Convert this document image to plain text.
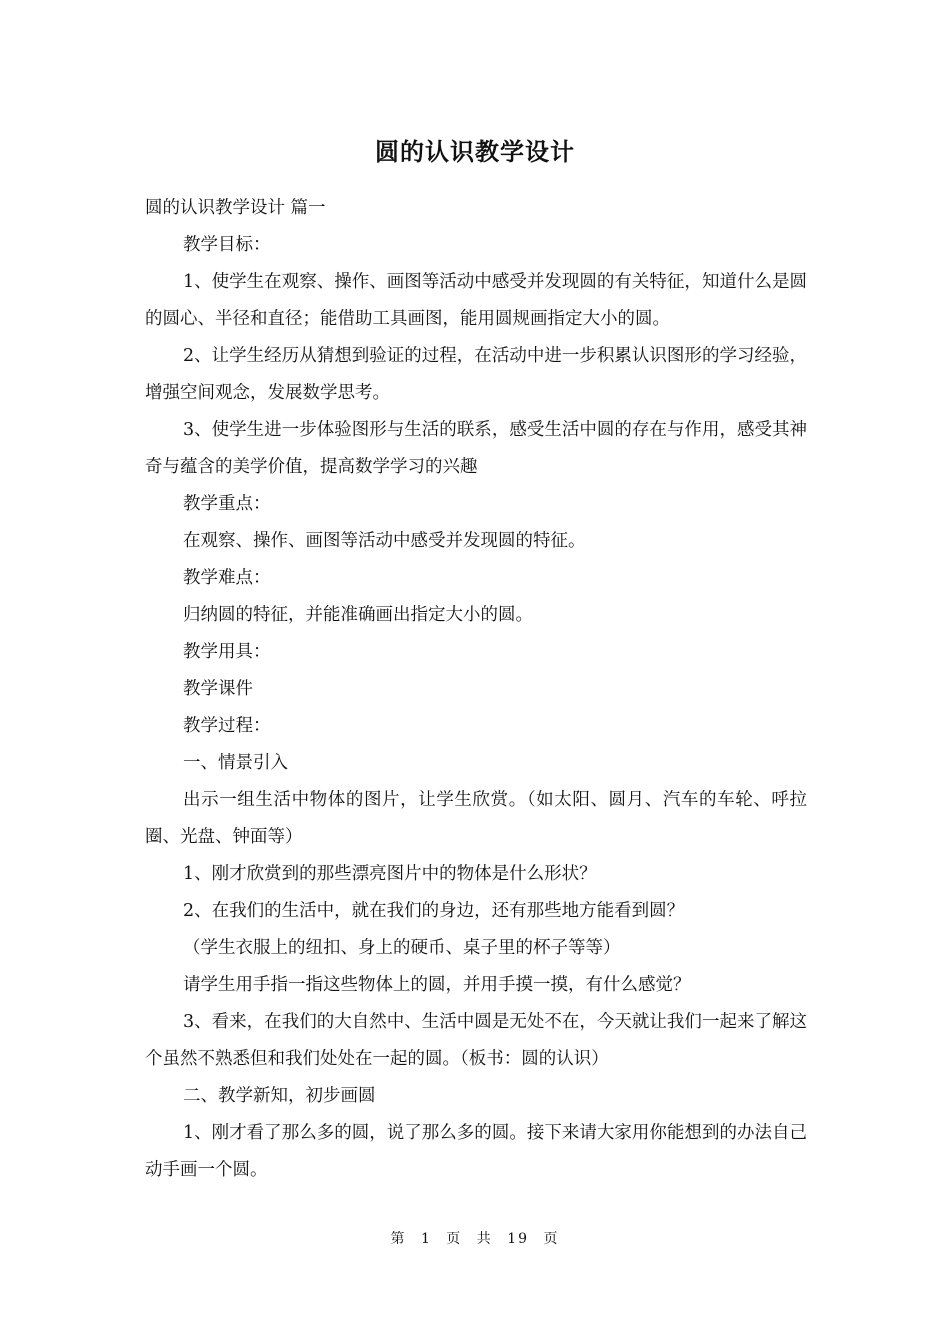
圆的认识教学设计

圆的认识教学设计 篇一

教学目标：

1、使学生在观察、操作、画图等活动中感受并发现圆的有关特征，知道什么是圆的圆心、半径和直径；能借助工具画图，能用圆规画指定大小的圆。

2、让学生经历从猜想到验证的过程，在活动中进一步积累认识图形的学习经验，增强空间观念，发展数学思考。

3、使学生进一步体验图形与生活的联系，感受生活中圆的存在与作用，感受其神奇与蕴含的美学价值，提高数学学习的兴趣

教学重点：

在观察、操作、画图等活动中感受并发现圆的特征。

教学难点：

归纳圆的特征，并能准确画出指定大小的圆。

教学用具：

教学课件

教学过程：

一、情景引入

出示一组生活中物体的图片，让学生欣赏。（如太阳、圆月、汽车的车轮、呼拉圈、光盘、钟面等）

1、刚才欣赏到的那些漂亮图片中的物体是什么形状？

2、在我们的生活中，就在我们的身边，还有那些地方能看到圆？

（学生衣服上的纽扣、身上的硬币、桌子里的杯子等等）

请学生用手指一指这些物体上的圆，并用手摸一摸，有什么感觉？

3、看来，在我们的大自然中、生活中圆是无处不在，今天就让我们一起来了解这个虽然不熟悉但和我们处处在一起的圆。（板书：圆的认识）

二、教学新知，初步画圆

1、刚才看了那么多的圆，说了那么多的圆。接下来请大家用你能想到的办法自己动手画一个圆。

第 1 页 共 19 页
